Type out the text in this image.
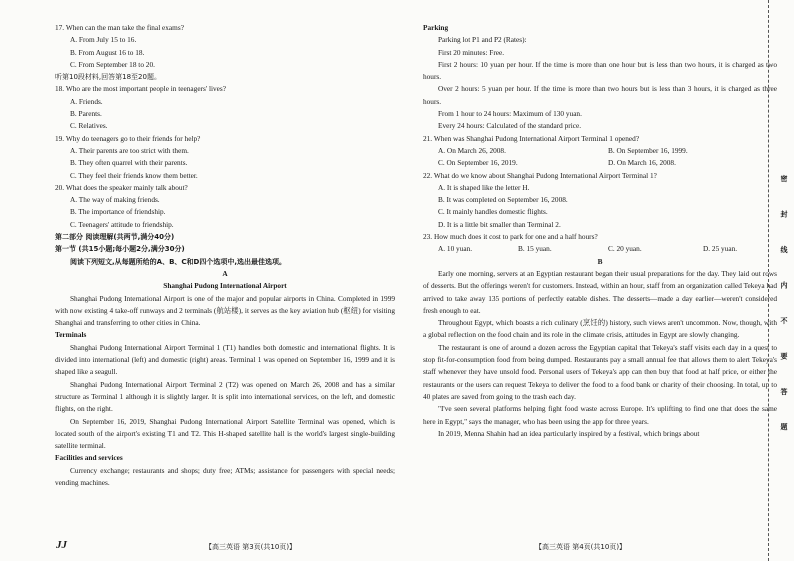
17. When can the man take the final exams?
A. From July 15 to 16.
B. From August 16 to 18.
C. From September 18 to 20.
听第10段材料,回答第18至20题。
18. Who are the most important people in teenagers' lives?
A. Friends.
B. Parents.
C. Relatives.
19. Why do teenagers go to their friends for help?
A. Their parents are too strict with them.
B. They often quarrel with their parents.
C. They feel their friends know them better.
20. What does the speaker mainly talk about?
A. The way of making friends.
B. The importance of friendship.
C. Teenagers' attitude to friendship.
第二部分 阅读理解(共两节,满分40分)
第一节 (共15小题;每小题2分,满分30分)
阅读下列短文,从每题所给的A、B、C和D四个选项中,选出最佳选项。
A
Shanghai Pudong International Airport
Shanghai Pudong International Airport is one of the major and popular airports in China. Completed in 1999 with now existing 4 take-off runways and 2 terminals (航站楼), it serves as the key aviation hub (枢纽) for visiting Shanghai and transferring to other cities in China.
Terminals
Shanghai Pudong International Airport Terminal 1 (T1) handles both domestic and international flights. It is divided into international (left) and domestic (right) areas. Terminal 1 was opened on September 16, 1999 and it is shaped like a seagull.
Shanghai Pudong International Airport Terminal 2 (T2) was opened on March 26, 2008 and has a similar structure as Terminal 1 although it is slightly larger. It is split into international services, on the left, and domestic flights, on the right.
On September 16, 2019, Shanghai Pudong International Airport Satellite Terminal was opened, which is located south of the airport's existing T1 and T2. This H-shaped satellite hall is the world's largest single-building satellite terminal.
Facilities and services
Currency exchange; restaurants and shops; duty free; ATMs; assistance for passengers with special needs; vending machines.
JJ	【高三英语 第3页(共10页)】
Parking
Parking lot P1 and P2 (Rates):
First 20 minutes: Free.
First 2 hours: 10 yuan per hour. If the time is more than one hour but is less than two hours, it is charged as two hours.
Over 2 hours: 5 yuan per hour. If the time is more than two hours but is less than 3 hours, it is charged as three hours.
From 1 hour to 24 hours: Maximum of 130 yuan.
Every 24 hours: Calculated of the standard price.
21. When was Shanghai Pudong International Airport Terminal 1 opened?
A. On March 26, 2008.	B. On September 16, 1999.
C. On September 16, 2019.	D. On March 16, 2008.
22. What do we know about Shanghai Pudong International Airport Terminal 1?
A. It is shaped like the letter H.
B. It was completed on September 16, 2008.
C. It mainly handles domestic flights.
D. It is a little bit smaller than Terminal 2.
23. How much does it cost to park for one and a half hours?
A. 10 yuan.	B. 15 yuan.	C. 20 yuan.	D. 25 yuan.
B
Early one morning, servers at an Egyptian restaurant began their usual preparations for the day. They laid out rows of desserts. But the offerings weren't for customers. Instead, within an hour, staff from an organization called Tekeya had arrived to take away 135 portions of perfectly eatable dishes. The desserts—made a day earlier—weren't considered fresh enough to eat.
Throughout Egypt, which boasts a rich culinary (烹饪的) history, such views aren't uncommon. Now, though, with a global reflection on the food chain and its role in the climate crisis, attitudes in Egypt are slowly changing.
The restaurant is one of around a dozen across the Egyptian capital that Tekeya's staff visits each day in a quest to stop fit-for-consumption food from being dumped. Restaurants pay a small annual fee that allows them to alert Tekeya's staff whenever they have unsold food. Personal users of Tekeya's app can then buy that food at half price, or either the restaurants or the users can request Tekeya to deliver the food to a food bank or charity of their choosing. In total, up to 40 plates are saved from going to the trash each day.
"I've seen several platforms helping fight food waste across Europe. It's uplifting to find one that does the same here in Egypt," says the manager, who has been using the app for three years.
In 2019, Menna Shahin had an idea particularly inspired by a festival, which brings about
【高三英语 第4页(共10页)】
密 封 线 内 不 要 答 题
